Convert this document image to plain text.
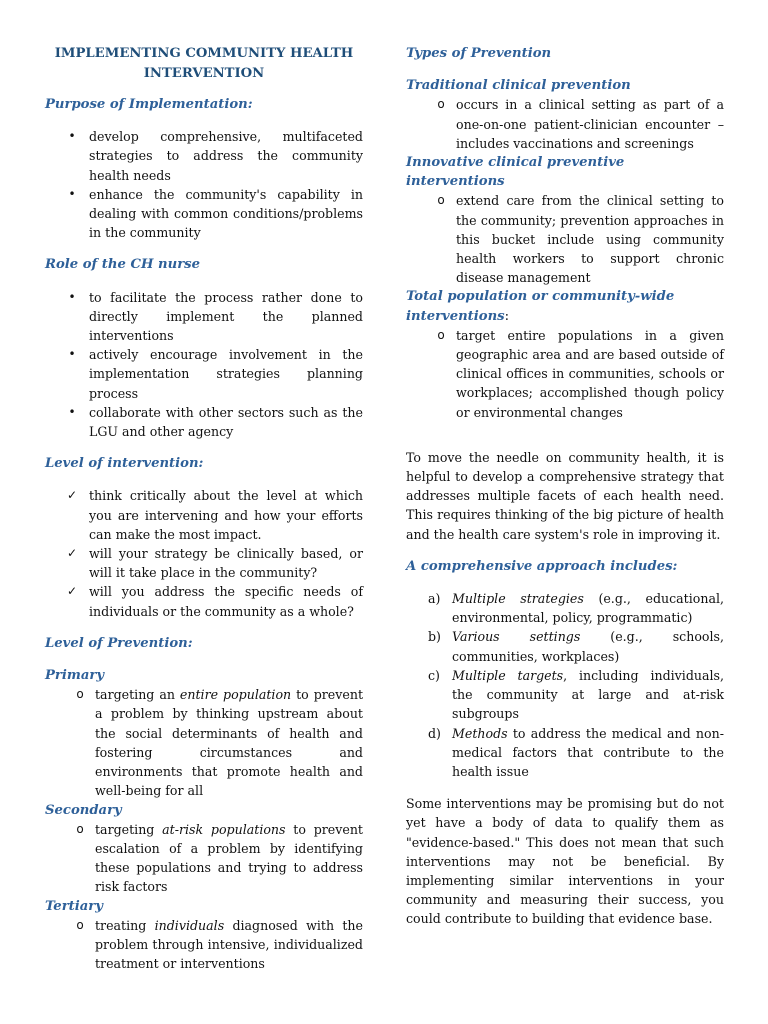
IMPLEMENTING COMMUNITY HEALTH INTERVENTION
Purpose of Implementation:
• develop comprehensive, multifaceted strategies to address the community health needs
• enhance the community's capability in dealing with common conditions/problems in the community
Role of the CH nurse
• to facilitate the process rather done to directly implement the planned interventions
• actively encourage involvement in the implementation strategies planning process
• collaborate with other sectors such as the LGU and other agency
Level of intervention:
✓ think critically about the level at which you are intervening and how your efforts can make the most impact.
✓ will your strategy be clinically based, or will it take place in the community?
✓ will you address the specific needs of individuals or the community as a whole?
Level of Prevention:
Primary
o targeting an entire population to prevent a problem by thinking upstream about the social determinants of health and fostering circumstances and environments that promote health and well-being for all
Secondary
o targeting at-risk populations to prevent escalation of a problem by identifying these populations and trying to address risk factors
Tertiary
o treating individuals diagnosed with the problem through intensive, individualized treatment or interventions
Types of Prevention
Traditional clinical prevention
o occurs in a clinical setting as part of a one-on-one patient-clinician encounter – includes vaccinations and screenings
Innovative clinical preventive interventions
o extend care from the clinical setting to the community; prevention approaches in this bucket include using community health workers to support chronic disease management
Total population or community-wide interventions:
o target entire populations in a given geographic area and are based outside of clinical offices in communities, schools or workplaces; accomplished though policy or environmental changes

To move the needle on community health, it is helpful to develop a comprehensive strategy that addresses multiple facets of each health need. This requires thinking of the big picture of health and the health care system's role in improving it.

A comprehensive approach includes:
a) Multiple strategies (e.g., educational, environmental, policy, programmatic)
b) Various settings (e.g., schools, communities, workplaces)
c) Multiple targets, including individuals, the community at large and at-risk subgroups
d) Methods to address the medical and non-medical factors that contribute to the health issue

Some interventions may be promising but do not yet have a body of data to qualify them as "evidence-based." This does not mean that such interventions may not be beneficial. By implementing similar interventions in your community and measuring their success, you could contribute to building that evidence base.
